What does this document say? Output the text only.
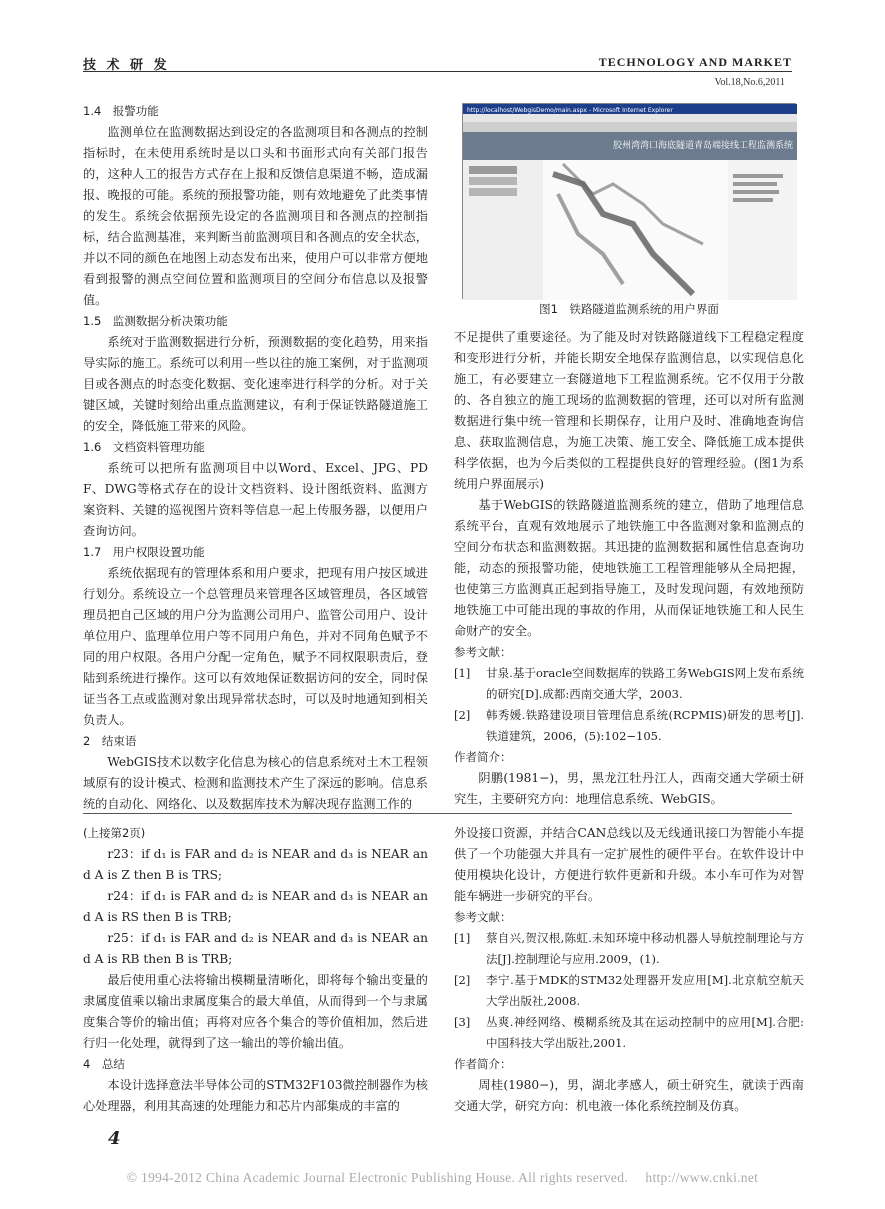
技 术 研 发	TECHNOLOGY AND MARKET
Vol.18,No.6,2011

1.4　报警功能

监测单位在监测数据达到设定的各监测项目和各测点的控制指标时，在未使用系统时是以口头和书面形式向有关部门报告的，这种人工的报告方式存在上报和反馈信息渠道不畅，造成漏报、晚报的可能。系统的预报警功能，则有效地避免了此类事情的发生。系统会依据预先设定的各监测项目和各测点的控制指标，结合监测基准，来判断当前监测项目和各测点的安全状态，并以不同的颜色在地图上动态发布出来，使用户可以非常方便地看到报警的测点空间位置和监测项目的空间分布信息以及报警值。

1.5　监测数据分析决策功能

系统对于监测数据进行分析，预测数据的变化趋势，用来指导实际的施工。系统可以利用一些以往的施工案例，对于监测项目或各测点的时态变化数据、变化速率进行科学的分析。对于关键区域，关键时刻给出重点监测建议，有利于保证铁路隧道施工的安全，降低施工带来的风险。

1.6　文档资料管理功能

系统可以把所有监测项目中以Word、Excel、JPG、PDF、DWG等格式存在的设计文档资料、设计图纸资料、监测方案资料、关键的巡视图片资料等信息一起上传服务器，以便用户查询访问。

1.7　用户权限设置功能

系统依据现有的管理体系和用户要求，把现有用户按区域进行划分。系统设立一个总管理员来管理各区域管理员，各区域管理员把自己区域的用户分为监测公司用户、监管公司用户、设计单位用户、监理单位用户等不同用户角色，并对不同角色赋予不同的用户权限。各用户分配一定角色，赋予不同权限职责后，登陆到系统进行操作。这可以有效地保证数据访问的安全，同时保证当各工点或监测对象出现异常状态时，可以及时地通知到相关负责人。

2　结束语

WebGIS技术以数字化信息为核心的信息系统对土木工程领域原有的设计模式、检测和监测技术产生了深远的影响。信息系统的自动化、网络化、以及数据库技术为解决现存监测工作的

http://localhost/WebgisDemo/main.aspx - Microsoft Internet Explorer
胶州湾湾口海底隧道青岛端接线工程监测系统
图1　铁路隧道监测系统的用户界面

不足提供了重要途径。为了能及时对铁路隧道线下工程稳定程度和变形进行分析，并能长期安全地保存监测信息，以实现信息化施工，有必要建立一套隧道地下工程监测系统。它不仅用于分散的、各自独立的施工现场的监测数据的管理，还可以对所有监测数据进行集中统一管理和长期保存，让用户及时、准确地查询信息、获取监测信息，为施工决策、施工安全、降低施工成本提供科学依据，也为今后类似的工程提供良好的管理经验。(图1为系统用户界面展示)

基于WebGIS的铁路隧道监测系统的建立，借助了地理信息系统平台，直观有效地展示了地铁施工中各监测对象和监测点的空间分布状态和监测数据。其迅捷的监测数据和属性信息查询功能，动态的预报警功能，使地铁施工工程管理能够从全局把握，也使第三方监测真正起到指导施工，及时发现问题，有效地预防地铁施工中可能出现的事故的作用，从而保证地铁施工和人民生命财产的安全。

参考文献：

[1] 甘泉.基于oracle空间数据库的铁路工务WebGIS网上发布系统的研究[D].成都:西南交通大学，2003.

[2] 韩秀媛.铁路建设项目管理信息系统(RCPMIS)研发的思考[J].铁道建筑，2006，(5):102−105.

作者简介：

阴鹏(1981−)，男，黑龙江牡丹江人，西南交通大学硕士研究生，主要研究方向：地理信息系统、WebGIS。

(上接第2页)

r23：if d₁ is FAR and d₂ is NEAR and d₃ is NEAR and A is Z then B is TRS;

r24：if d₁ is FAR and d₂ is NEAR and d₃ is NEAR and A is RS then B is TRB;

r25：if d₁ is FAR and d₂ is NEAR and d₃ is NEAR and A is RB then B is TRB;

最后使用重心法将输出模糊量清晰化，即将每个输出变量的隶属度值乘以输出隶属度集合的最大单值，从而得到一个与隶属度集合等价的输出值；再将对应各个集合的等价值相加，然后进行归一化处理，就得到了这一输出的等价输出值。

4　总结

本设计选择意法半导体公司的STM32F103微控制器作为核心处理器，利用其高速的处理能力和芯片内部集成的丰富的

外设接口资源，并结合CAN总线以及无线通讯接口为智能小车提供了一个功能强大并具有一定扩展性的硬件平台。在软件设计中使用模块化设计，方便进行软件更新和升级。本小车可作为对智能车辆进一步研究的平台。

参考文献：

[1] 蔡自兴,贺汉根,陈虹.未知环境中移动机器人导航控制理论与方法[J].控制理论与应用.2009，(1).

[2] 李宁.基于MDK的STM32处理器开发应用[M].北京航空航天大学出版社,2008.

[3] 丛爽.神经网络、模糊系统及其在运动控制中的应用[M].合肥:中国科技大学出版社,2001.

作者简介：

周桂(1980−)，男，湖北孝感人，硕士研究生，就读于西南交通大学，研究方向：机电液一体化系统控制及仿真。

4
© 1994-2012 China Academic Journal Electronic Publishing House. All rights reserved.　 http://www.cnki.net
